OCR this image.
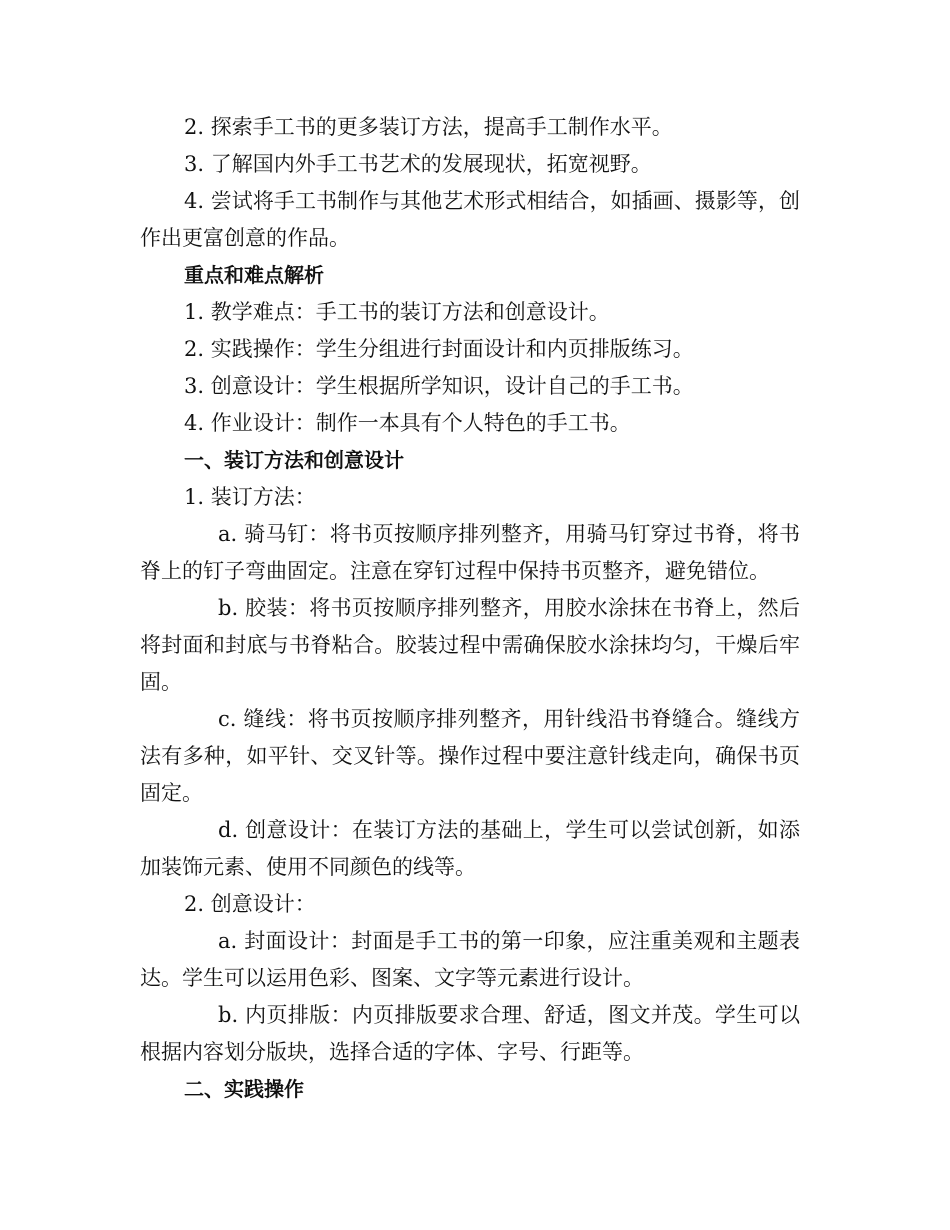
2. 探索手工书的更多装订方法，提高手工制作水平。

3. 了解国内外手工书艺术的发展现状，拓宽视野。

4. 尝试将手工书制作与其他艺术形式相结合，如插画、摄影等，创作出更富创意的作品。

重点和难点解析

1. 教学难点：手工书的装订方法和创意设计。

2. 实践操作：学生分组进行封面设计和内页排版练习。

3. 创意设计：学生根据所学知识，设计自己的手工书。

4. 作业设计：制作一本具有个人特色的手工书。

一、装订方法和创意设计

1. 装订方法：

a. 骑马钉：将书页按顺序排列整齐，用骑马钉穿过书脊，将书脊上的钉子弯曲固定。注意在穿钉过程中保持书页整齐，避免错位。

b. 胶装：将书页按顺序排列整齐，用胶水涂抹在书脊上，然后将封面和封底与书脊粘合。胶装过程中需确保胶水涂抹均匀，干燥后牢固。

c. 缝线：将书页按顺序排列整齐，用针线沿书脊缝合。缝线方法有多种，如平针、交叉针等。操作过程中要注意针线走向，确保书页固定。

d. 创意设计：在装订方法的基础上，学生可以尝试创新，如添加装饰元素、使用不同颜色的线等。

2. 创意设计：

a. 封面设计：封面是手工书的第一印象，应注重美观和主题表达。学生可以运用色彩、图案、文字等元素进行设计。

b. 内页排版：内页排版要求合理、舒适，图文并茂。学生可以根据内容划分版块，选择合适的字体、字号、行距等。

二、实践操作
